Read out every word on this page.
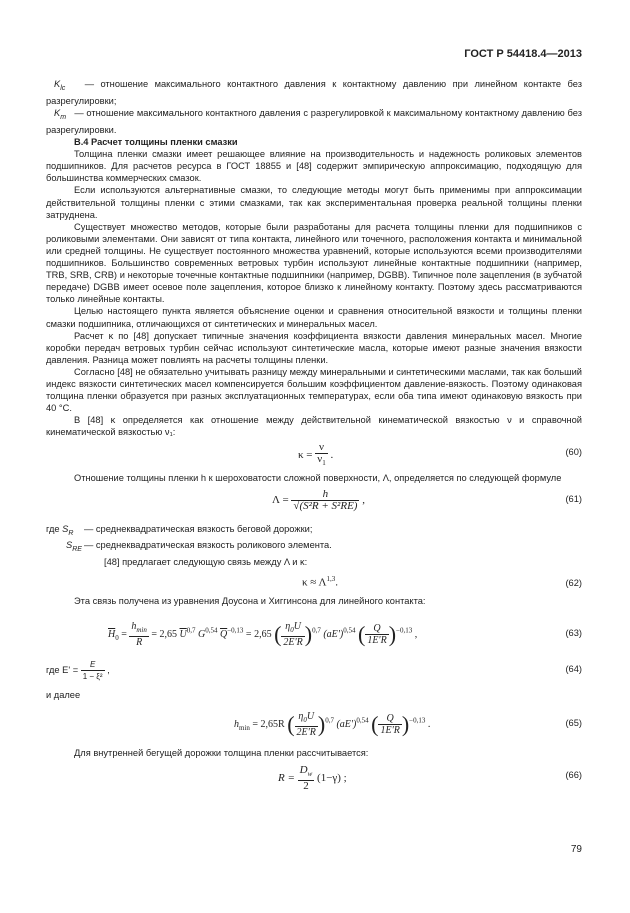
ГОСТ Р 54418.4—2013

$K_{lc}$ — отношение максимального контактного давления к контактному давлению при линейном контакте без разрегулировки;

$K_m$ — отношение максимального контактного давления с разрегулировкой к максимальному контактному давлению без разрегулировки.

В.4 Расчет толщины пленки смазки

Толщина пленки смазки имеет решающее влияние на производительность и надежность роликовых элементов подшипников. Для расчетов ресурса в ГОСТ 18855 и [48] содержит эмпирическую аппроксимацию, подходящую для большинства коммерческих смазок.

Если используются альтернативные смазки, то следующие методы могут быть применимы при аппроксимации действительной толщины пленки с этими смазками, так как экспериментальная проверка реальной толщины пленки затруднена.

Существует множество методов, которые были разработаны для расчета толщины пленки для подшипников с роликовыми элементами. Они зависят от типа контакта, линейного или точечного, расположения контакта и минимальной или средней толщины. Не существует постоянного множества уравнений, которые используются всеми производителями подшипников. Большинство современных ветровых турбин используют линейные контактные подшипники (например, TRB, SRB, CRB) и некоторые точечные контактные подшипники (например, DGBB). Типичное поле зацепления (в зубчатой передаче) DGBB имеет осевое поле зацепления, которое близко к линейному контакту. Поэтому здесь рассматриваются только линейные контакты.

Целью настоящего пункта является объяснение оценки и сравнения относительной вязкости и толщины пленки смазки подшипника, отличающихся от синтетических и минеральных масел.

Расчет κ по [48] допускает типичные значения коэффициента вязкости давления минеральных масел. Многие коробки передач ветровых турбин сейчас используют синтетические масла, которые имеют разные значения вязкости давления. Разница может повлиять на расчеты толщины пленки.

Согласно [48] не обязательно учитывать разницу между минеральными и синтетическими маслами, так как больший индекс вязкости синтетических масел компенсируется большим коэффициентом давление-вязкость. Поэтому одинаковая толщина пленки образуется при разных эксплуатационных температурах, если оба типа имеют одинаковую вязкость при 40 °С.

В [48] κ определяется как отношение между действительной кинематической вязкостью ν и справочной кинематической вязкостью ν₁:

$\kappa = \frac{\nu}{\nu_1}$ .	(60)

Отношение толщины пленки h к шероховатости сложной поверхности, Λ, определяется по следующей формуле

$\Lambda = \frac{h}{\text{√(S²R + S²RE)}}$ ,	(61)
где $S_R$	— среднеквадратическая вязкость беговой дорожки;
$S_{RE}$ — среднеквадратическая вязкость роликового элемента.

[48] предлагает следующую связь между Λ и κ:

κ ≈ Λ$^{1,3}$.	(62)

Эта связь получена из уравнения Доусона и Хиггинсона для линейного контакта:

$\overline{H}_0 = \frac{h_{min}}{R} = 2,65$ $\overline{U}^{0,7}$ G$^{0,54}$ $\overline{Q}^{-0,13} = 2,65$ ( $\frac{\eta_0U}{2E'R} )^{0,7}$ $(aE')^{0,54}$ ( $\frac{Q}{1E'R} )^{-0,13}$ ,	(63)
где $E' = \frac{E}{\text{1 − ξ²}}$ ,	(64)

и далее

$h_{min} = 2,65R$ ( $\frac{\eta_0U}{2E'R} )^{0,7}$ $(aE')^{0,54}$ ( $\frac{Q}{1E'R} )^{-0,13}$ .	(65)

Для внутренней бегущей дорожки толщина пленки рассчитывается:

$R = \frac{D_w}{2} (1-\gamma)$ ;	(66)
79
